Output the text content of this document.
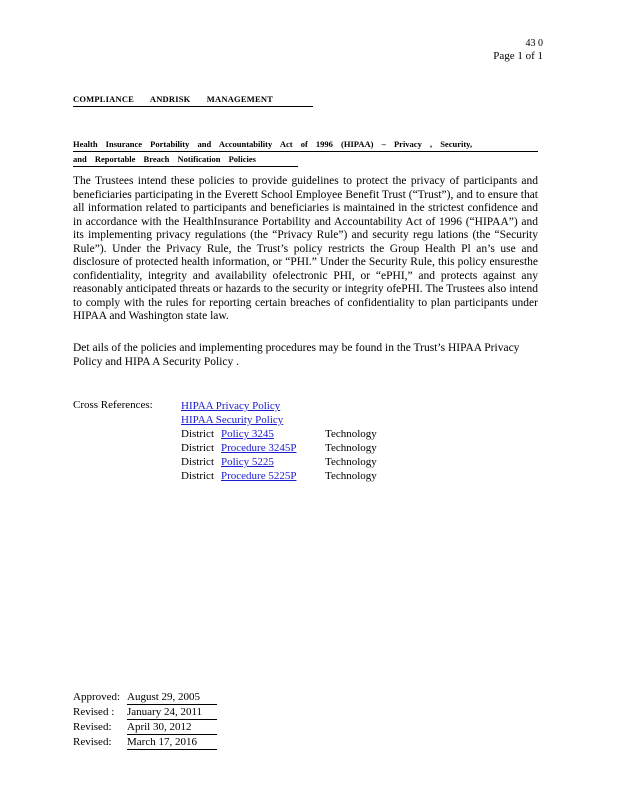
43 0
Page 1 of 1
COMPLIANCE ANDRISK MANAGEMENT
Health Insurance Portability and Accountability Act of 1996 (HIPAA) – Privacy , Security,
and Reportable Breach Notification Policies
The Trustees intend these policies to provide guidelines to protect the privacy of participants and beneficiaries participating in the Everett School Employee Benefit Trust (“Trust”), and to ensure that all information related to participants and beneficiaries is maintained in the strictest confidence and in accordance with the HealthInsurance Portability and Accountability Act of 1996 (“HIPAA”) and its implementing privacy regulations (the “Privacy Rule”) and security regu lations (the “Security Rule”). Under the Privacy Rule, the Trust’s policy restricts the Group Health Pl an’s use and disclosure of protected health information, or “PHI.” Under the Security Rule, this policy ensuresthe confidentiality, integrity and availability ofelectronic PHI, or “ePHI,” and protects against any reasonably anticipated threats or hazards to the security or integrity ofePHI. The Trustees also intend to comply with the rules for reporting certain breaches of confidentiality to plan participants under HIPAA and Washington state law.
Det ails of the policies and implementing procedures may be found in the Trust’s HIPAA Privacy Policy and HIPA A Security Policy .
Cross References:	HIPAA Privacy Policy		
HIPAA Security Policy		
District	Policy 3245	Technology
District	Procedure 3245P	Technology
District	Policy 5225	Technology
District	Procedure 5225P	Technology
Approved:	August 29, 2005
Revised :	January 24, 2011
Revised:	April 30, 2012
Revised:	March 17, 2016
